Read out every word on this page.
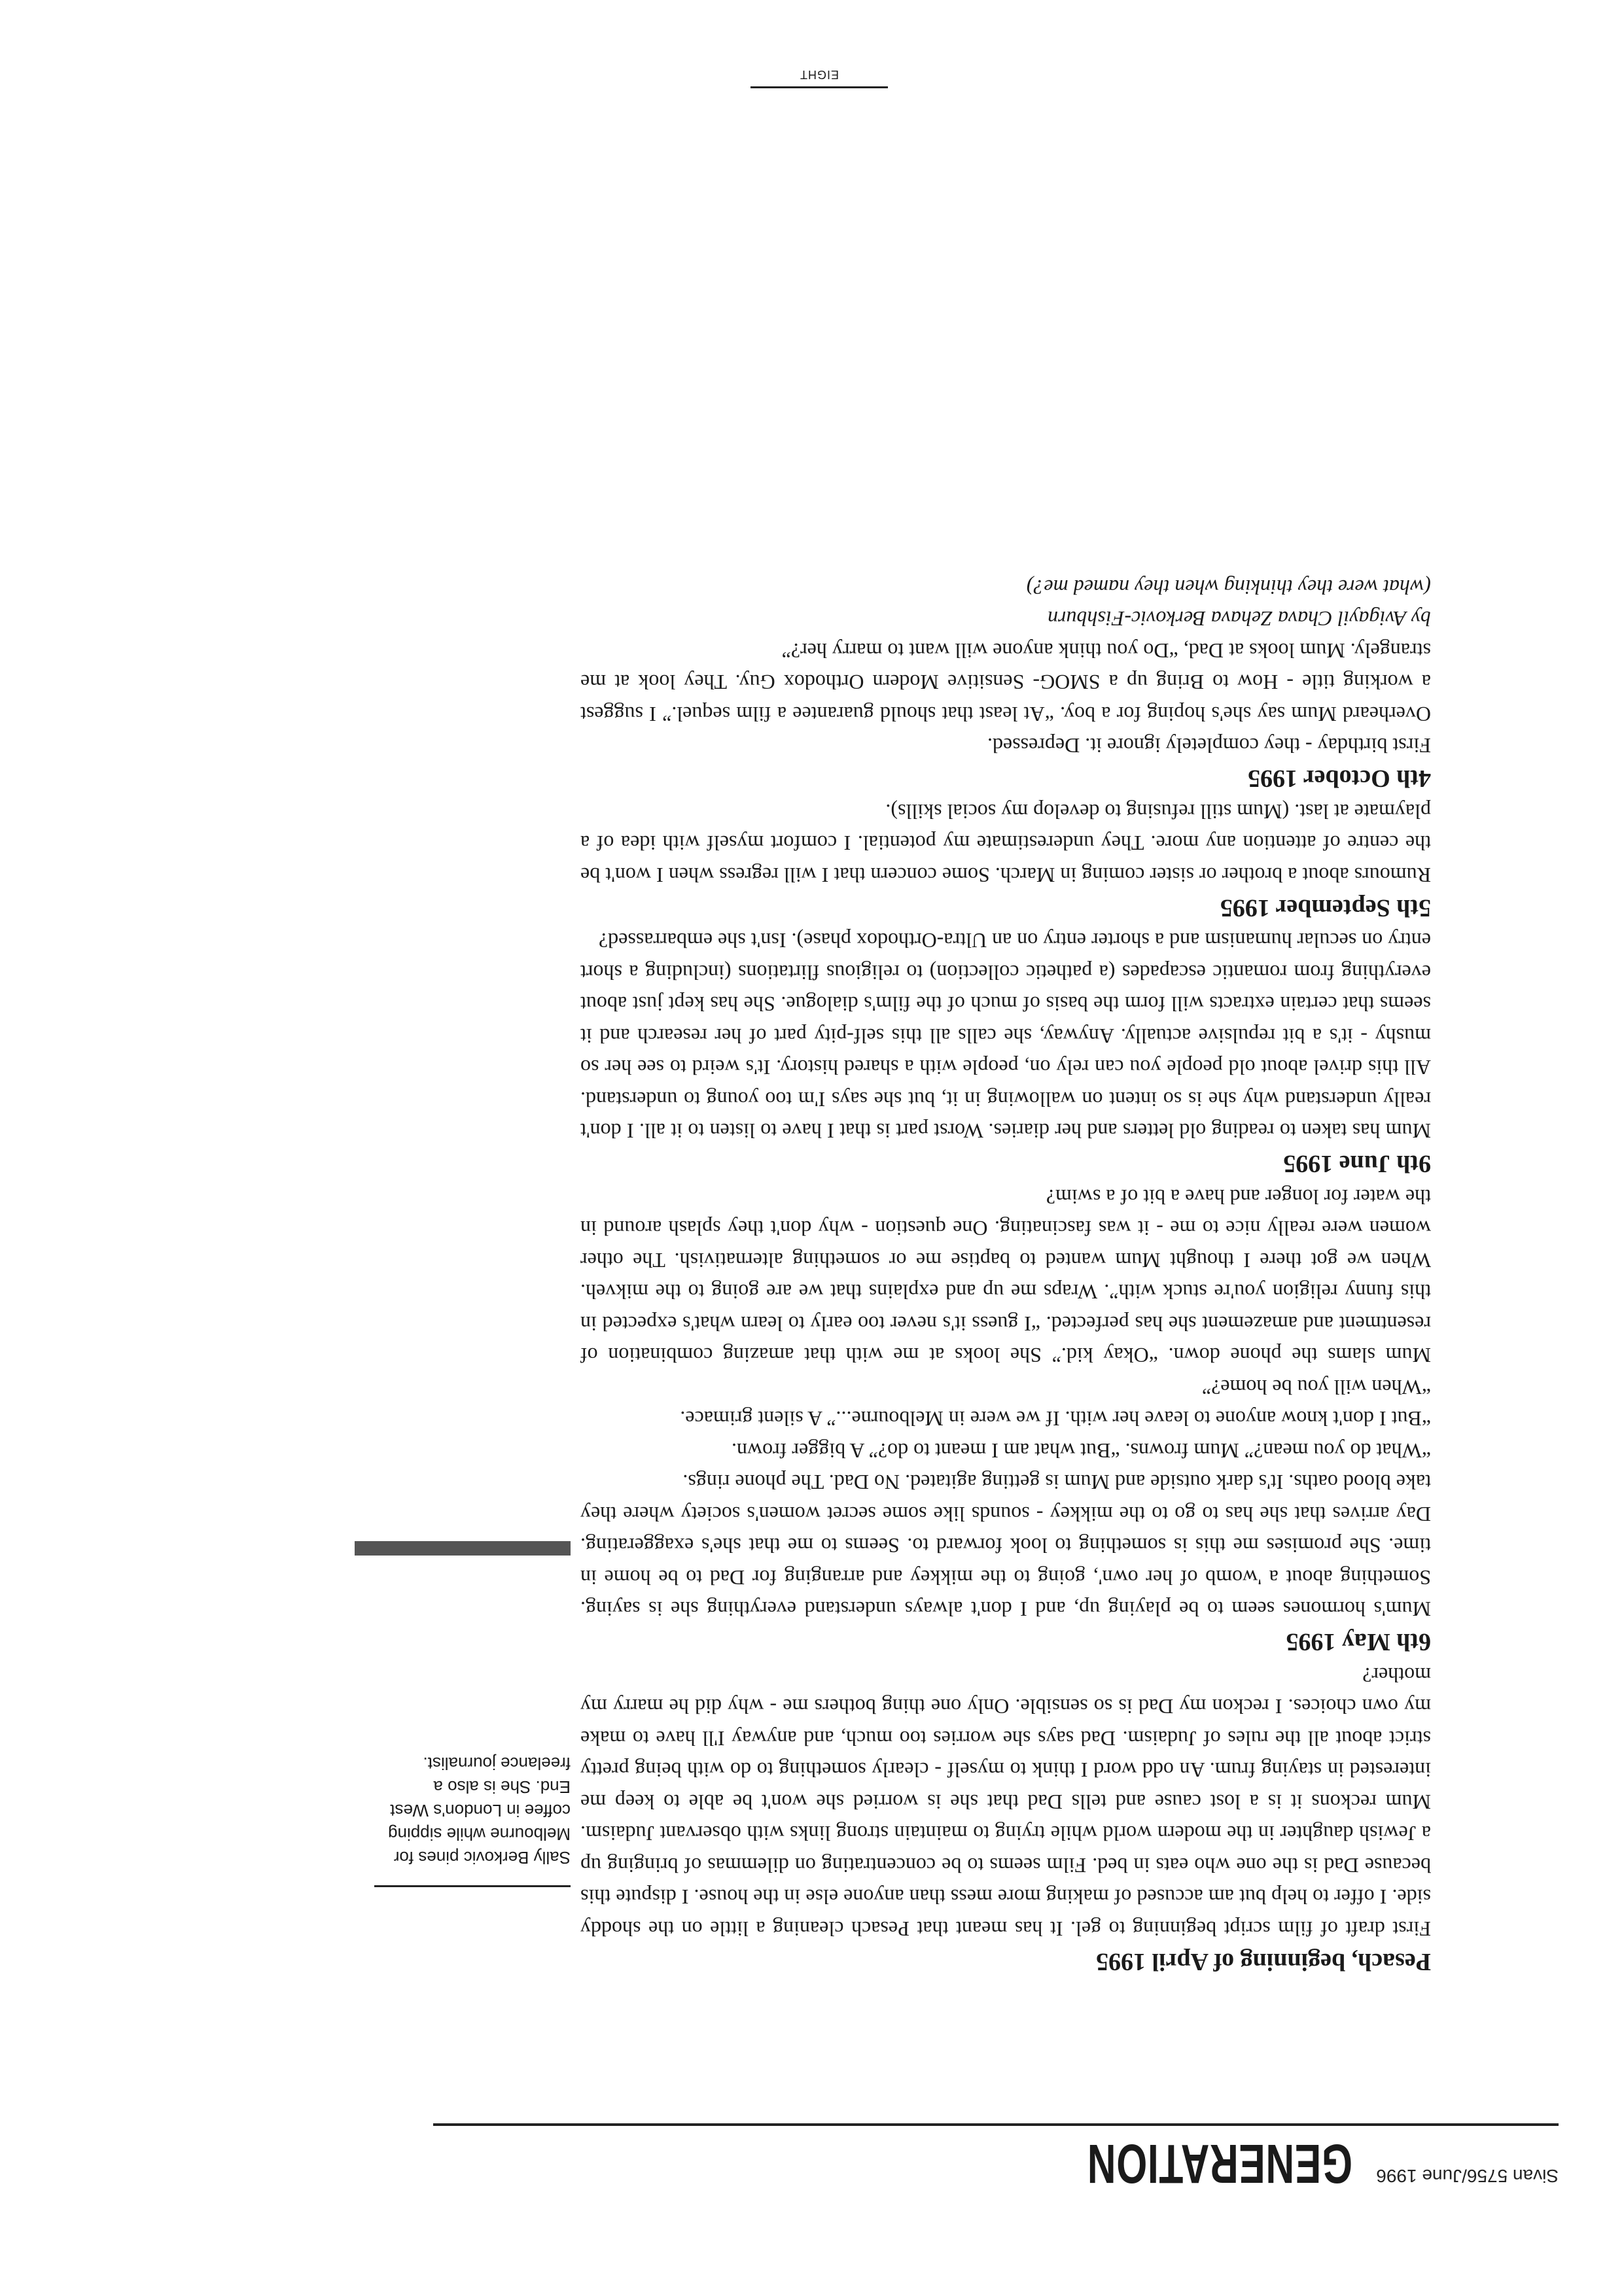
Sivan 5756/June 1996
GENERATION

Pesach, beginning of April 1995

First draft of film script beginning to gel. It has meant that Pesach cleaning a little on the shoddy side. I offer to help but am accused of making more mess than anyone else in the house. I dispute this because Dad is the one who eats in bed. Film seems to be concentrating on dilemmas of bringing up a Jewish daughter in the modern world while trying to maintain strong links with observant Judaism. Mum reckons it is a lost cause and tells Dad that she is worried she won't be able to keep me interested in staying frum. An odd word I think to myself - clearly something to do with being pretty strict about all the rules of Judaism. Dad says she worries too much, and anyway I'll have to make my own choices. I reckon my Dad is so sensible. Only one thing bothers me - why did he marry my mother?

6th May 1995

Mum's hormones seem to be playing up, and I don't always understand everything she is saying. Something about a 'womb of her own', going to the mikkey and arranging for Dad to be home in time. She promises me this is something to look forward to. Seems to me that she's exaggerating. Day arrives that she has to go to the mikkey - sounds like some secret women's society where they take blood oaths. It's dark outside and Mum is getting agitated. No Dad. The phone rings.

“What do you mean?” Mum frowns. “But what am I meant to do?” A bigger frown.

“But I don't know anyone to leave her with. If we were in Melbourne...” A silent grimace.

“When will you be home?”

Mum slams the phone down. “Okay kid.” She looks at me with that amazing combination of resentment and amazement she has perfected. “I guess it's never too early to learn what's expected in this funny religion you're stuck with”. Wraps me up and explains that we are going to the mikveh. When we got there I thought Mum wanted to baptise me or something alternativish. The other women were really nice to me - it was fascinating. One question - why don't they splash around in the water for longer and have a bit of a swim?

9th June 1995

Mum has taken to reading old letters and her diaries. Worst part is that I have to listen to it all. I don't really understand why she is so intent on wallowing in it, but she says I'm too young to understand. All this drivel about old people you can rely on, people with a shared history. It's weird to see her so mushy - it's a bit repulsive actually. Anyway, she calls all this self-pity part of her research and it seems that certain extracts will form the basis of much of the film's dialogue. She has kept just about everything from romantic escapades (a pathetic collection) to religious flirtations (including a short entry on secular humanism and a shorter entry on an Ultra-Orthodox phase). Isn't she embarrassed?

5th September 1995

Rumours about a brother or sister coming in March. Some concern that I will regress when I won't be the centre of attention any more. They underestimate my potential. I comfort myself with idea of a playmate at last. (Mum still refusing to develop my social skills).

4th October 1995

First birthday - they completely ignore it. Depressed.

Overheard Mum say she's hoping for a boy. “At least that should guarantee a film sequel.” I suggest a working title - How to Bring up a SMOG- Sensitive Modern Orthodox Guy. They look at me strangely. Mum looks at Dad, “Do you think anyone will want to marry her?”

by Avigayil Chava Zehava Berkovic-Fishburn

(what were they thinking when they named me?)

Sally Berkovic pines for Melbourne while sipping coffee in London's West End. She is also a freelance journalist.
EIGHT
